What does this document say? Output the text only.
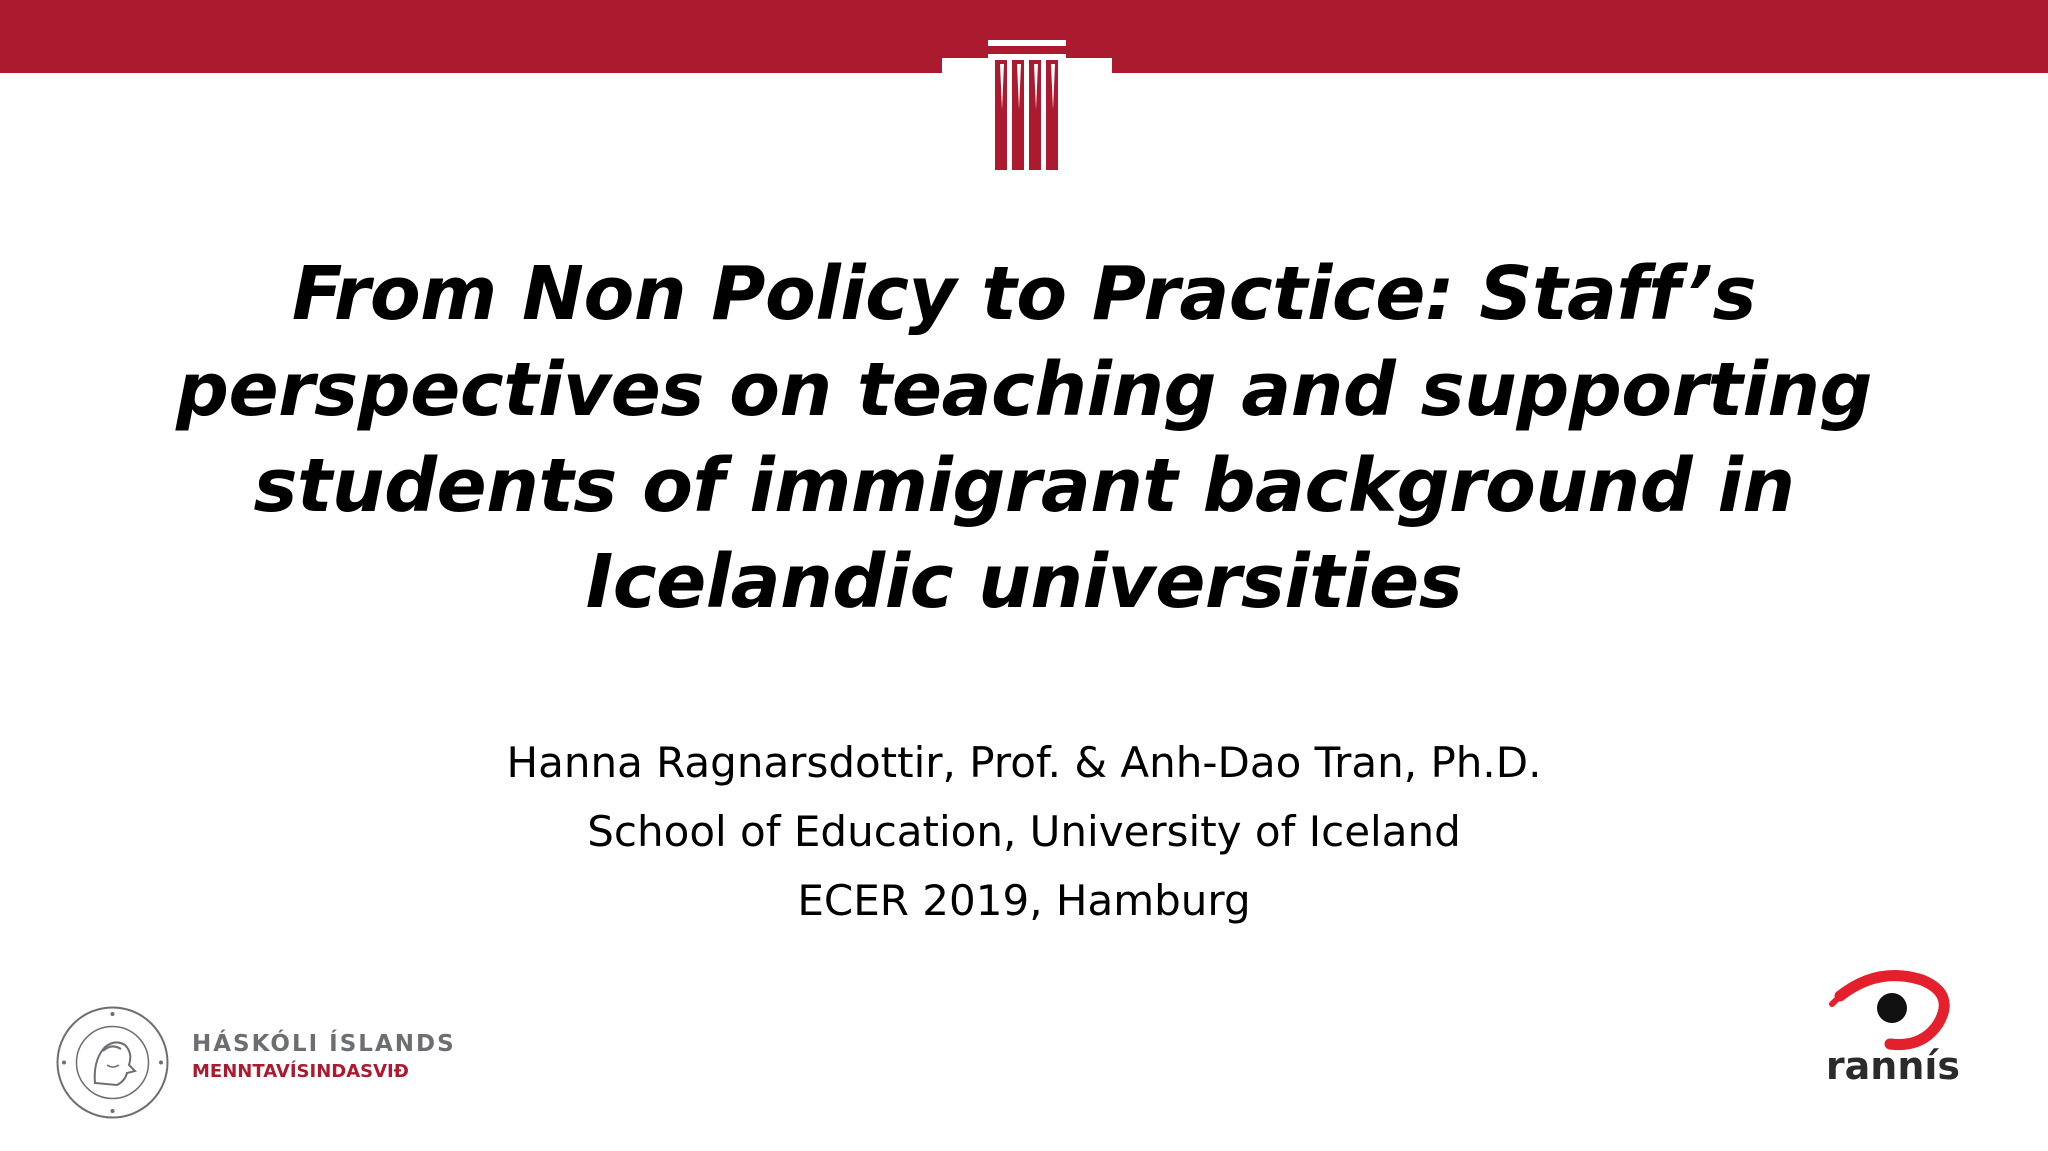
From Non Policy to Practice: Staff’s
perspectives on teaching and supporting
students of immigrant background in
Icelandic universities
Hanna Ragnarsdottir, Prof. & Anh-Dao Tran, Ph.D.
School of Education, University of Iceland
ECER 2019, Hamburg
HÁSKÓLI ÍSLANDS
MENNTAVÍSINDASVIÐ	rannís
